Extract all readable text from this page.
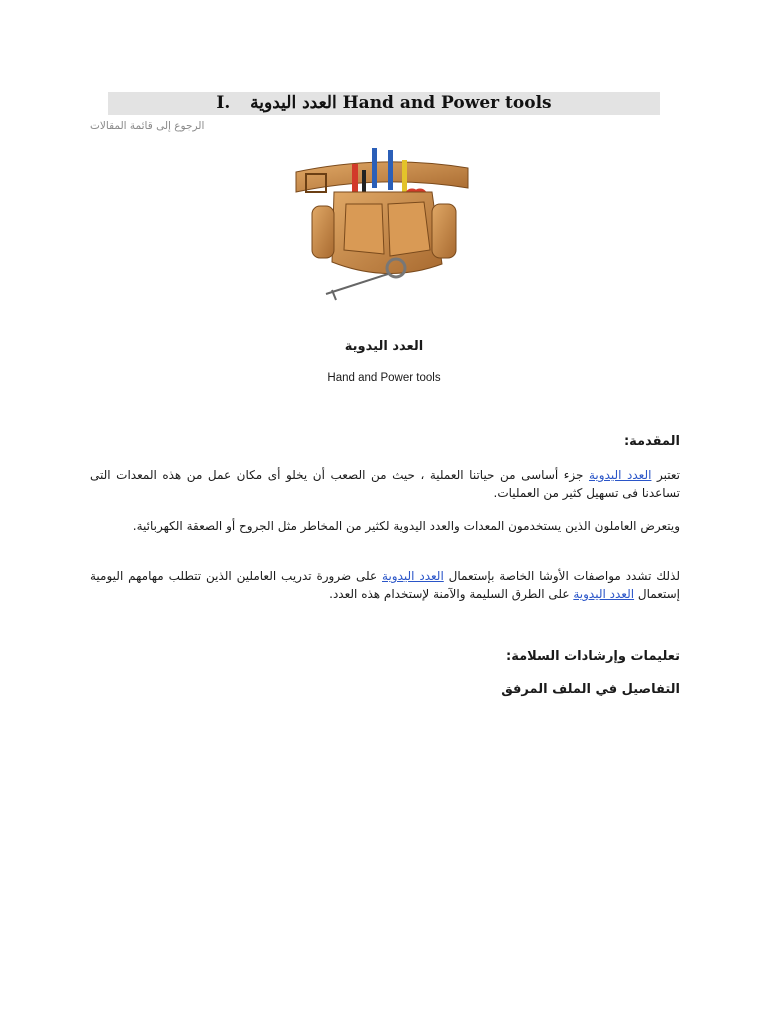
I. العدد اليدوية Hand and Power tools
الرجوع إلى قائمة المقالات
العدد اليدوية
Hand and Power tools
المقدمة:
تعتبر العدد اليدوية جزء أساسى من حياتنا العملية ، حيث من الصعب أن يخلو أى مكان عمل من هذه المعدات التى تساعدنا فى تسهيل كثير من العمليات.
ويتعرض العاملون الذين يستخدمون المعدات والعدد اليدوية لكثير من المخاطر مثل الجروح أو الصعقة الكهربائية.
لذلك تشدد مواصفات الأوشا الخاصة بإستعمال العدد اليدوية على ضرورة تدريب العاملين الذين تتطلب مهامهم اليومية إستعمال العدد اليدوية على الطرق السليمة والآمنة لإستخدام هذه العدد.
تعليمات وإرشادات السلامة:
التفاصيل في الملف المرفق
